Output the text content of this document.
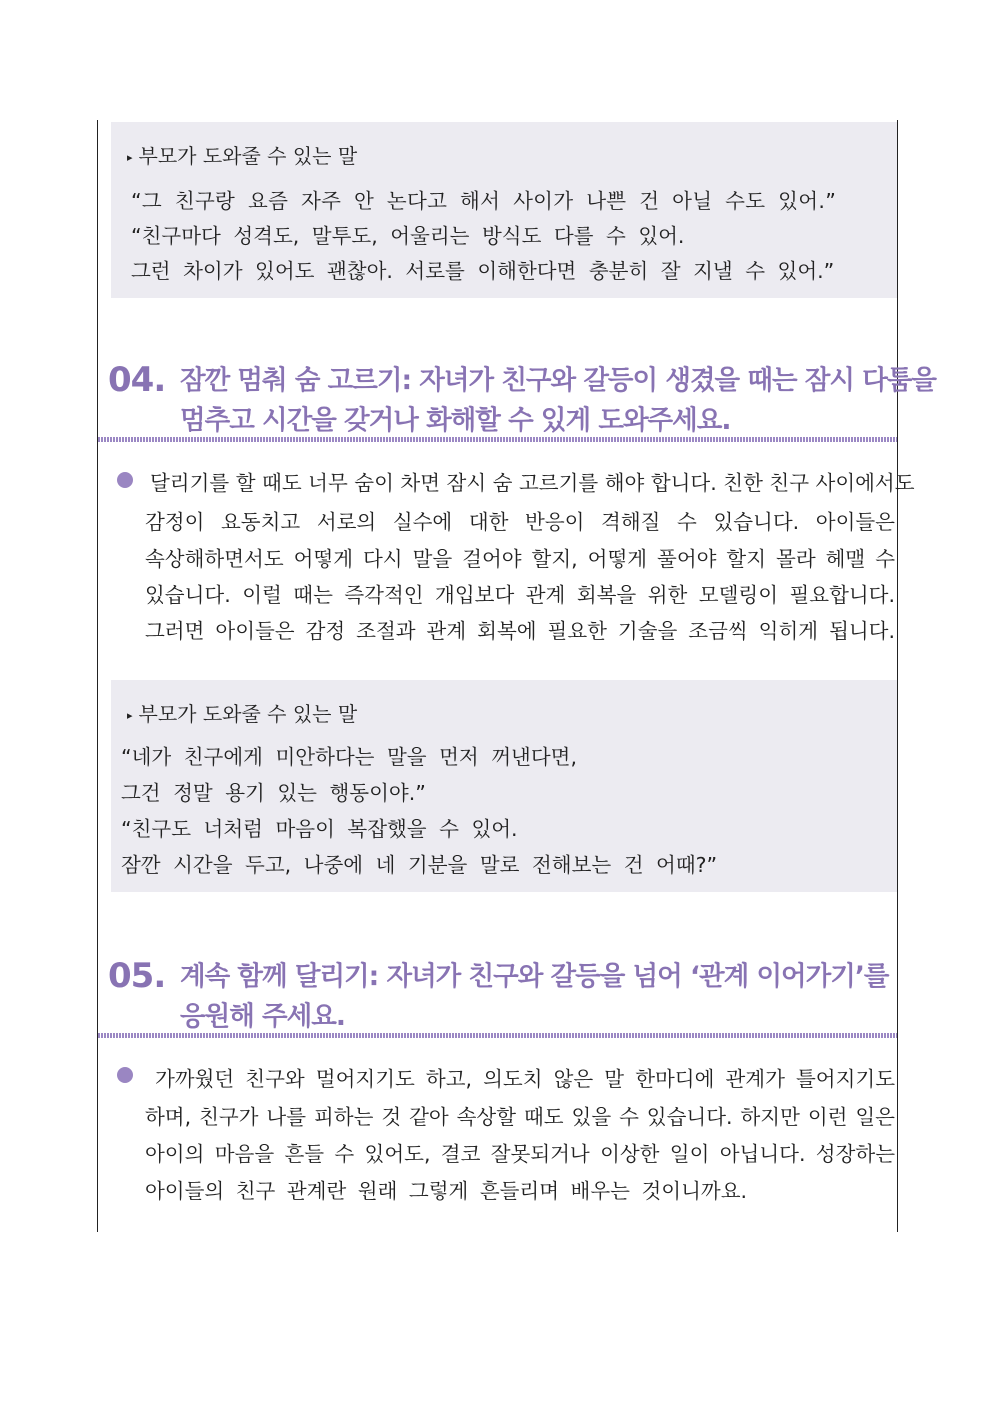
▸ 부모가 도와줄 수 있는 말
“그 친구랑 요즘 자주 안 논다고 해서 사이가 나쁜 건 아닐 수도 있어.”
“친구마다 성격도, 말투도, 어울리는 방식도 다를 수 있어.
그런 차이가 있어도 괜찮아. 서로를 이해한다면 충분히 잘 지낼 수 있어.”
04. 잠깐 멈춰 숨 고르기: 자녀가 친구와 갈등이 생겼을 때는 잠시 다툼을
멈추고 시간을 갖거나 화해할 수 있게 도와주세요.
달리기를 할 때도 너무 숨이 차면 잠시 숨 고르기를 해야 합니다. 친한 친구 사이에서도
감정이 요동치고 서로의 실수에 대한 반응이 격해질 수 있습니다. 아이들은
속상해하면서도 어떻게 다시 말을 걸어야 할지, 어떻게 풀어야 할지 몰라 헤맬 수
있습니다. 이럴 때는 즉각적인 개입보다 관계 회복을 위한 모델링이 필요합니다.
그러면 아이들은 감정 조절과 관계 회복에 필요한 기술을 조금씩 익히게 됩니다.
▸ 부모가 도와줄 수 있는 말
“네가 친구에게 미안하다는 말을 먼저 꺼낸다면,
그건 정말 용기 있는 행동이야.”
“친구도 너처럼 마음이 복잡했을 수 있어.
잠깐 시간을 두고, 나중에 네 기분을 말로 전해보는 건 어때?”
05. 계속 함께 달리기: 자녀가 친구와 갈등을 넘어 ‘관계 이어가기’를
응원해 주세요.
가까웠던 친구와 멀어지기도 하고, 의도치 않은 말 한마디에 관계가 틀어지기도
하며, 친구가 나를 피하는 것 같아 속상할 때도 있을 수 있습니다. 하지만 이런 일은
아이의 마음을 흔들 수 있어도, 결코 잘못되거나 이상한 일이 아닙니다. 성장하는
아이들의 친구 관계란 원래 그렇게 흔들리며 배우는 것이니까요.
